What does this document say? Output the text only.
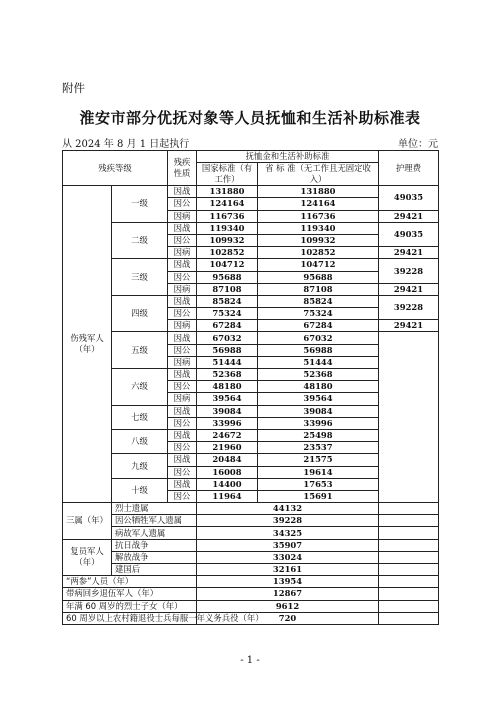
附件
淮安市部分优抚对象等人员抚恤和生活补助标准表
从 2024 年 8 月 1 日起执行	单位：元
残疾等级		残疾性质	抚恤金和生活补助标准		护理费
			国家标准（有工作）	省 标 准（无工作且无固定收入）	
伤残军人（年）	一级	因战	131880	131880	49035
		因公	124164	124164	
		因病	116736	116736	29421
	二级	因战	119340	119340	49035
		因公	109932	109932	
		因病	102852	102852	29421
	三级	因战	104712	104712	39228
		因公	95688	95688	
		因病	87108	87108	29421
	四级	因战	85824	85824	39228
		因公	75324	75324	
		因病	67284	67284	29421
	五级	因战	67032	67032	
		因公	56988	56988	
		因病	51444	51444	
	六级	因战	52368	52368	
		因公	48180	48180	
		因病	39564	39564	
	七级	因战	39084	39084	
		因公	33996	33996	
	八级	因战	24672	25498	
		因公	21960	23537	
	九级	因战	20484	21575	
		因公	16008	19614	
	十级	因战	14400	17653	
		因公	11964	15691	
三属（年）	烈士遗属		44132		
	因公牺牲军人遗属		39228		
	病故军人遗属		34325		
复员军人（年）	抗日战争		35907		
	解放战争		33024		
	建国后		32161		
“两参”人员（年）			13954		
带病回乡退伍军人（年）			12867		
年满 60 周岁的烈士子女（年）			9612		
60 周岁以上农村籍退役士兵每服一年义务兵役（年）			720		
- 1 -
